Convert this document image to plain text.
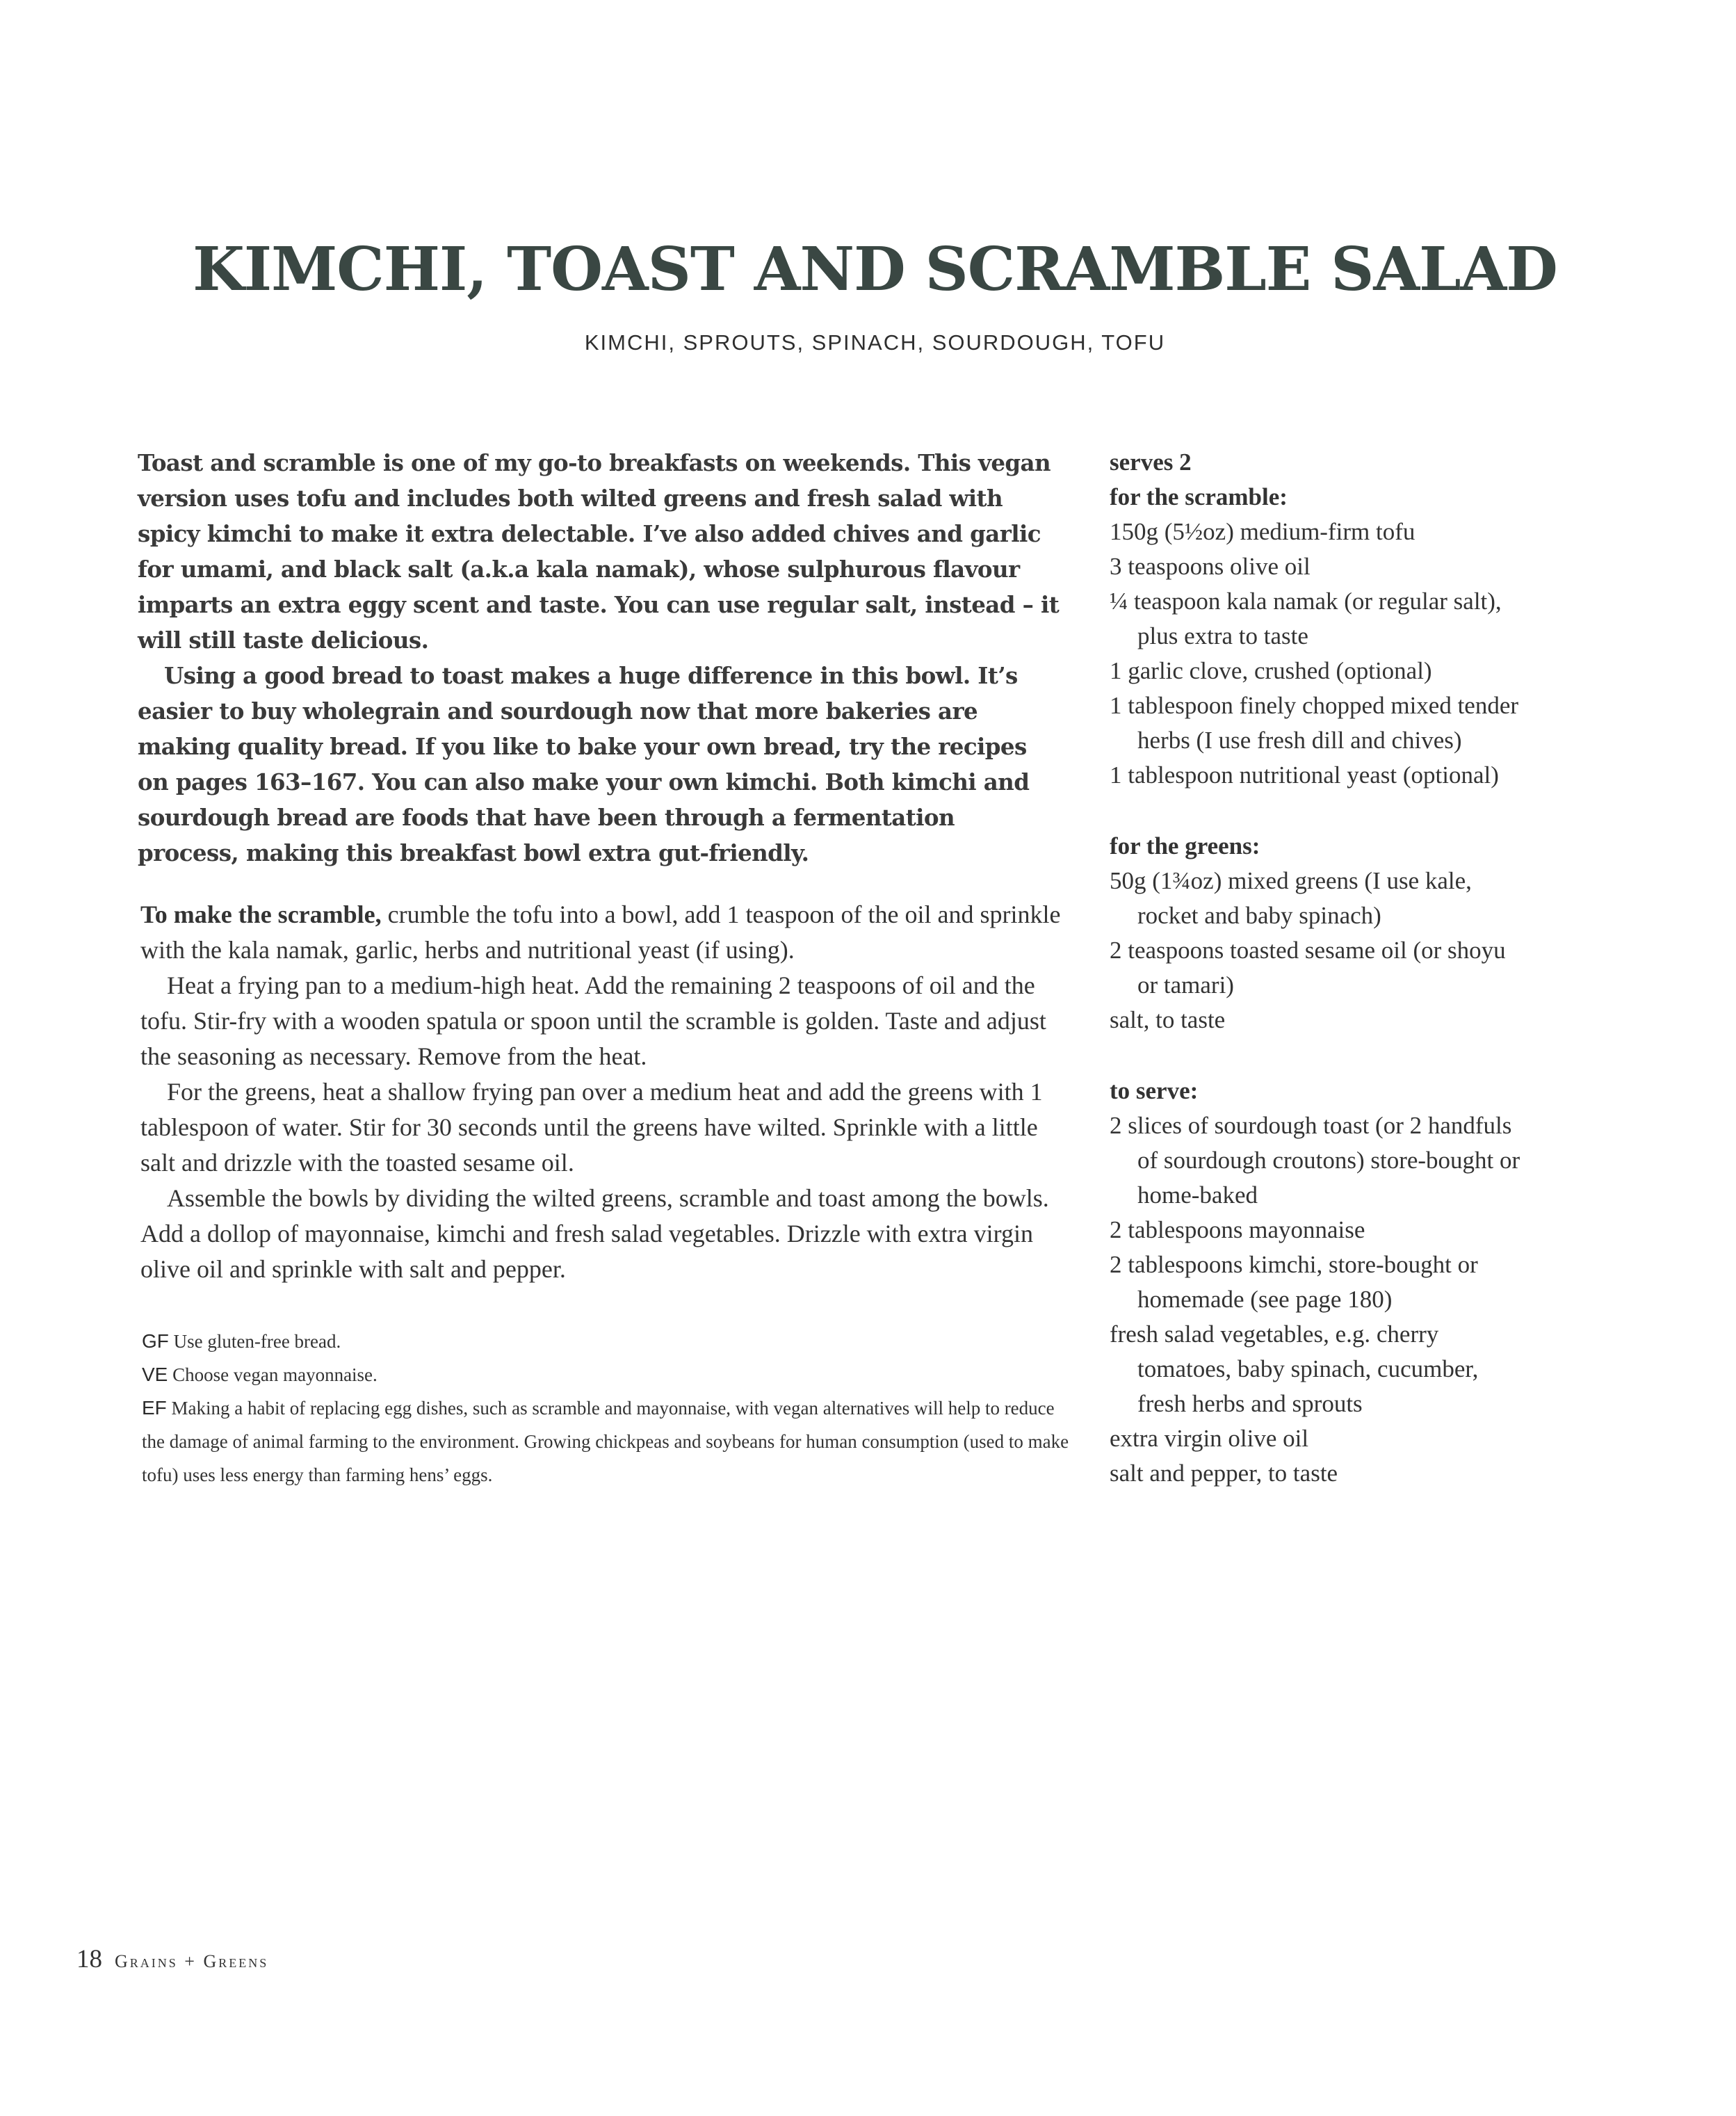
KIMCHI, TOAST AND SCRAMBLE SALAD
KIMCHI, SPROUTS, SPINACH, SOURDOUGH, TOFU

Toast and scramble is one of my go-to breakfasts on weekends. This vegan version uses tofu and includes both wilted greens and fresh salad with spicy kimchi to make it extra delectable. I’ve also added chives and garlic for umami, and black salt (a.k.a kala namak), whose sulphurous flavour imparts an extra eggy scent and taste. You can use regular salt, instead – it will still taste delicious.

Using a good bread to toast makes a huge difference in this bowl. It’s easier to buy wholegrain and sourdough now that more bakeries are making quality bread. If you like to bake your own bread, try the recipes on pages 163–167. You can also make your own kimchi. Both kimchi and sourdough bread are foods that have been through a fermentation process, making this breakfast bowl extra gut-friendly.

To make the scramble, crumble the tofu into a bowl, add 1 teaspoon of the oil and sprinkle with the kala namak, garlic, herbs and nutritional yeast (if using).

Heat a frying pan to a medium-high heat. Add the remaining 2 teaspoons of oil and the tofu. Stir-fry with a wooden spatula or spoon until the scramble is golden. Taste and adjust the seasoning as necessary. Remove from the heat.

For the greens, heat a shallow frying pan over a medium heat and add the greens with 1 tablespoon of water. Stir for 30 seconds until the greens have wilted. Sprinkle with a little salt and drizzle with the toasted sesame oil.

Assemble the bowls by dividing the wilted greens, scramble and toast among the bowls. Add a dollop of mayonnaise, kimchi and fresh salad vegetables. Drizzle with extra virgin olive oil and sprinkle with salt and pepper.

GF Use gluten-free bread.

VE Choose vegan mayonnaise.

EF Making a habit of replacing egg dishes, such as scramble and mayonnaise, with vegan alternatives will help to reduce the damage of animal farming to the environment. Growing chickpeas and soybeans for human consumption (used to make tofu) uses less energy than farming hens’ eggs.

serves 2

for the scramble:

150g (5½oz) medium-firm tofu
3 teaspoons olive oil
¼ teaspoon kala namak (or regular salt), plus extra to taste
1 garlic clove, crushed (optional)
1 tablespoon finely chopped mixed tender herbs (I use fresh dill and chives)
1 tablespoon nutritional yeast (optional)

for the greens:

50g (1¾oz) mixed greens (I use kale, rocket and baby spinach)
2 teaspoons toasted sesame oil (or shoyu or tamari)
salt, to taste

to serve:

2 slices of sourdough toast (or 2 handfuls of sourdough croutons) store-bought or home-baked
2 tablespoons mayonnaise
2 tablespoons kimchi, store-bought or homemade (see page 180)
fresh salad vegetables, e.g. cherry tomatoes, baby spinach, cucumber, fresh herbs and sprouts
extra virgin olive oil
salt and pepper, to taste
18 Grains + Greens
